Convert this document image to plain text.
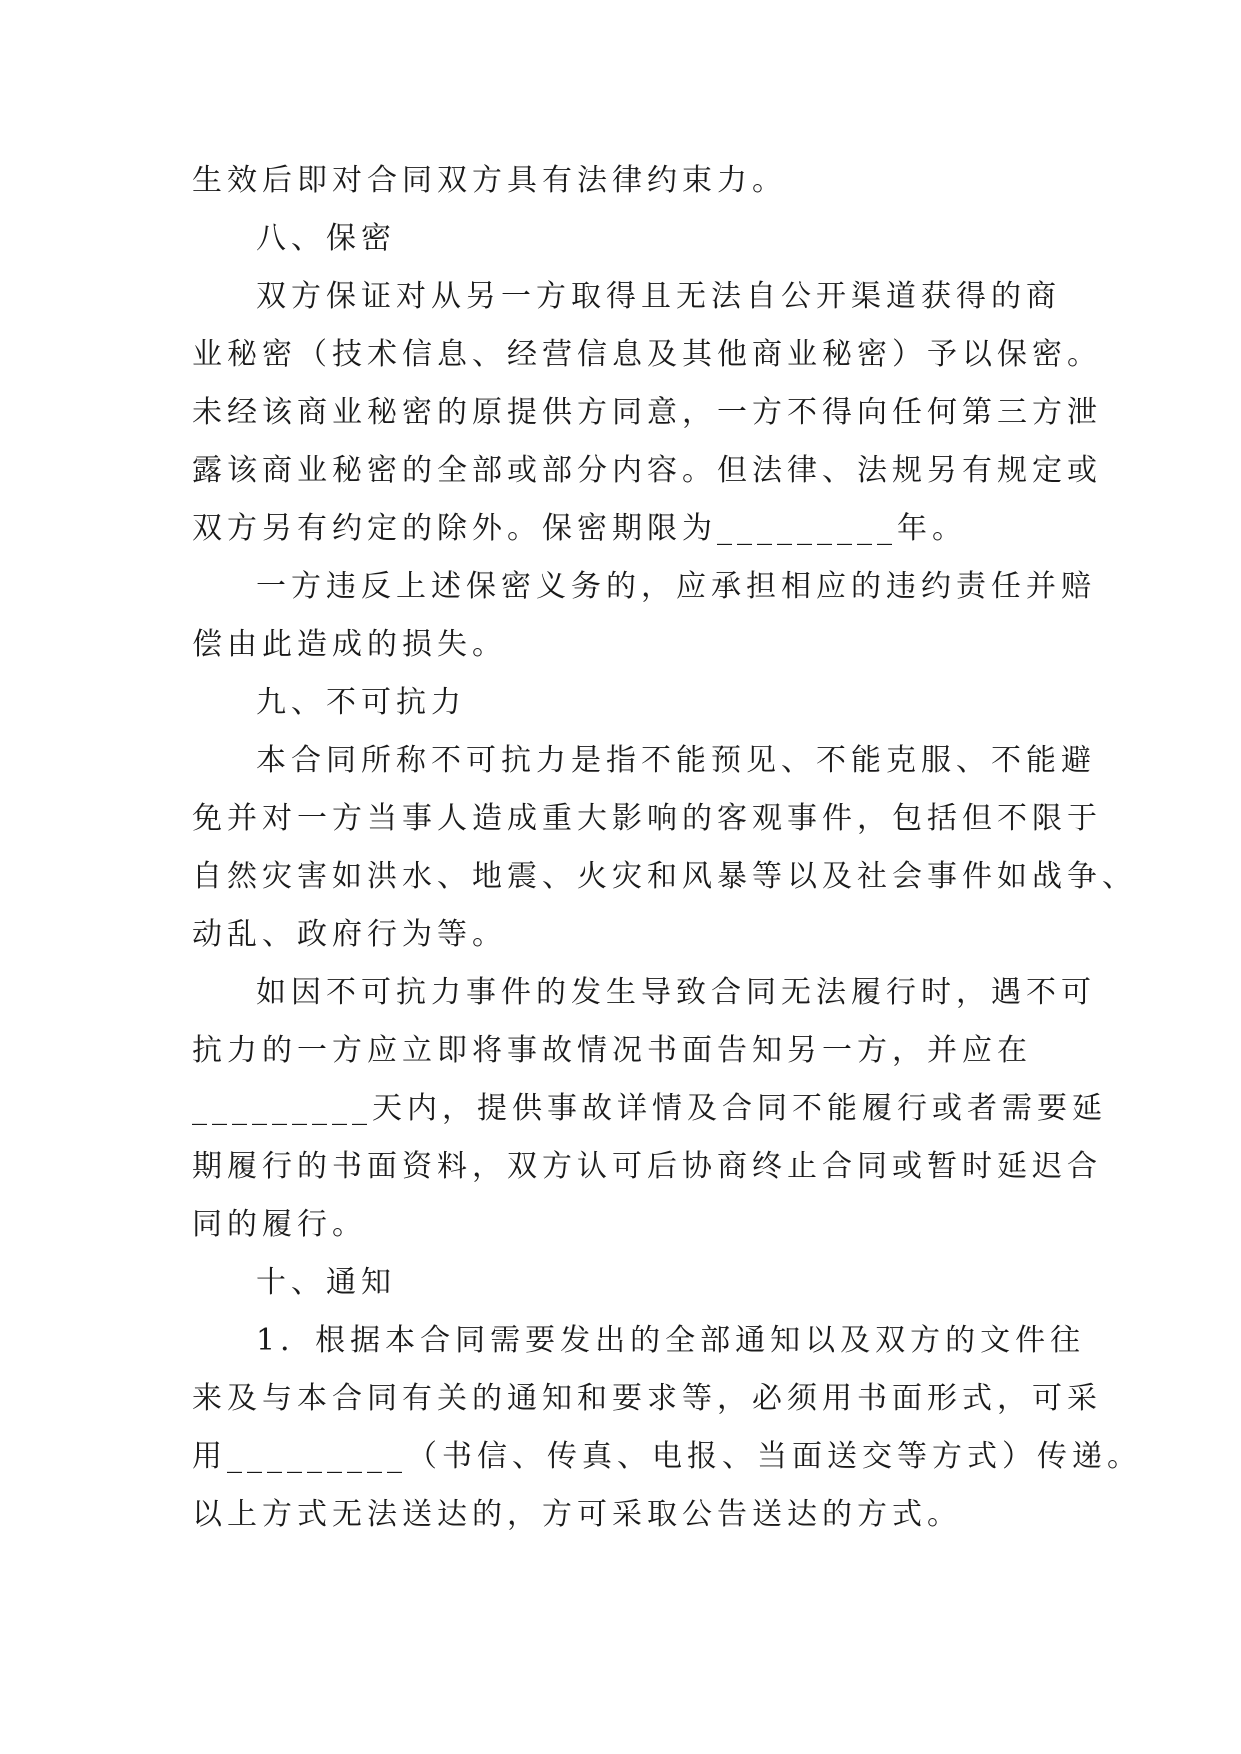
生效后即对合同双方具有法律约束力。
八、保密
双方保证对从另一方取得且无法自公开渠道获得的商
业秘密（技术信息、经营信息及其他商业秘密）予以保密。
未经该商业秘密的原提供方同意，一方不得向任何第三方泄
露该商业秘密的全部或部分内容。但法律、法规另有规定或
双方另有约定的除外。保密期限为_________年。
一方违反上述保密义务的，应承担相应的违约责任并赔
偿由此造成的损失。
九、不可抗力
本合同所称不可抗力是指不能预见、不能克服、不能避
免并对一方当事人造成重大影响的客观事件，包括但不限于
自然灾害如洪水、地震、火灾和风暴等以及社会事件如战争、
动乱、政府行为等。
如因不可抗力事件的发生导致合同无法履行时，遇不可
抗力的一方应立即将事故情况书面告知另一方，并应在
_________天内，提供事故详情及合同不能履行或者需要延
期履行的书面资料，双方认可后协商终止合同或暂时延迟合
同的履行。
十、通知
1．根据本合同需要发出的全部通知以及双方的文件往
来及与本合同有关的通知和要求等，必须用书面形式，可采
用_________（书信、传真、电报、当面送交等方式）传递。
以上方式无法送达的，方可采取公告送达的方式。
